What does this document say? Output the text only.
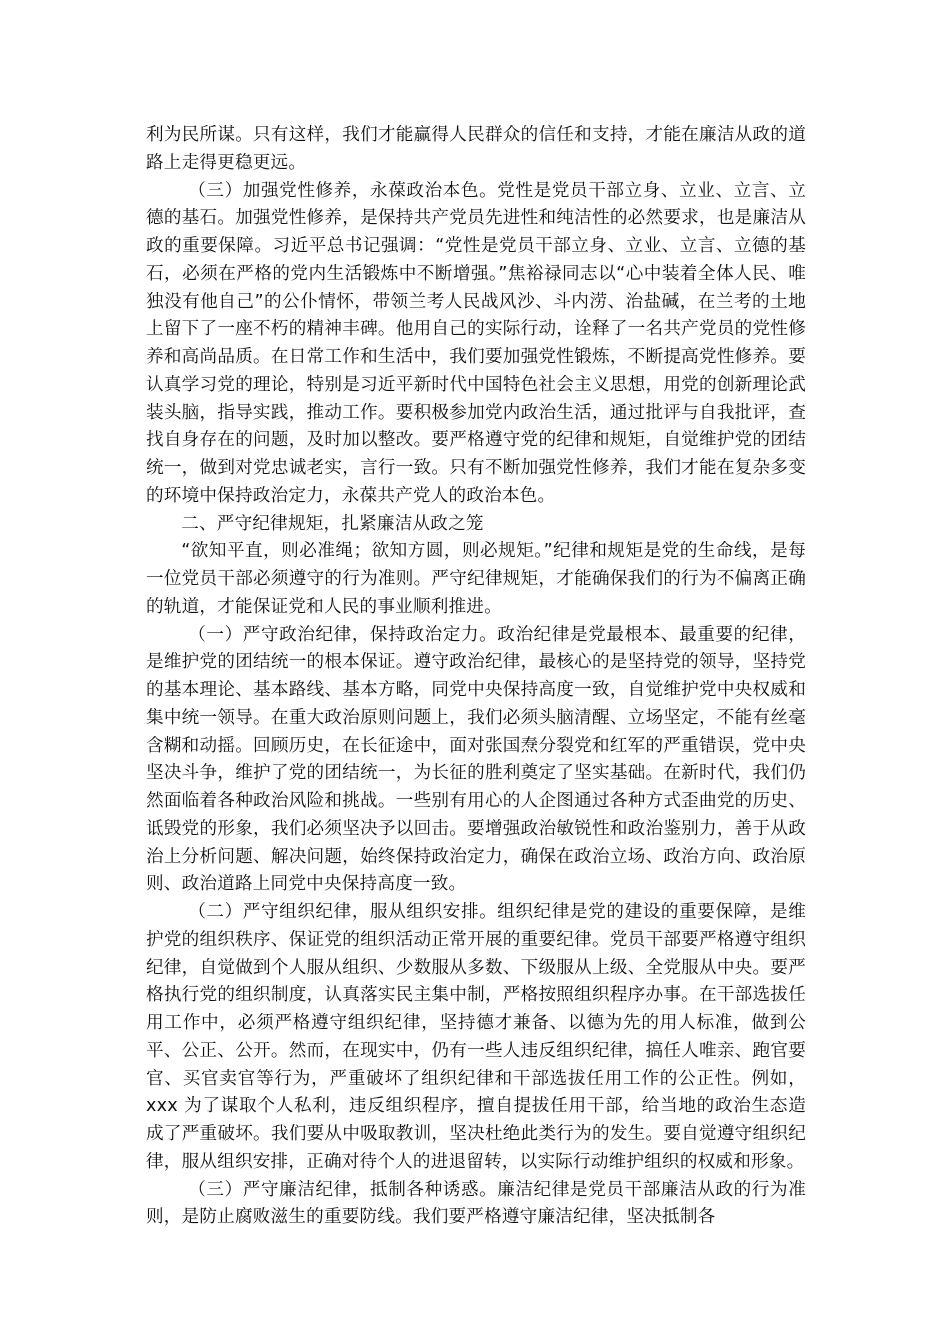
利为民所谋。只有这样，我们才能赢得人民群众的信任和支持，才能在廉洁从政的道路上走得更稳更远。

（三）加强党性修养，永葆政治本色。党性是党员干部立身、立业、立言、立德的基石。加强党性修养，是保持共产党员先进性和纯洁性的必然要求，也是廉洁从政的重要保障。习近平总书记强调：“党性是党员干部立身、立业、立言、立德的基石，必须在严格的党内生活锻炼中不断增强。”焦裕禄同志以“心中装着全体人民、唯独没有他自己”的公仆情怀，带领兰考人民战风沙、斗内涝、治盐碱，在兰考的土地上留下了一座不朽的精神丰碑。他用自己的实际行动，诠释了一名共产党员的党性修养和高尚品质。在日常工作和生活中，我们要加强党性锻炼，不断提高党性修养。要认真学习党的理论，特别是习近平新时代中国特色社会主义思想，用党的创新理论武装头脑，指导实践，推动工作。要积极参加党内政治生活，通过批评与自我批评，查找自身存在的问题，及时加以整改。要严格遵守党的纪律和规矩，自觉维护党的团结统一，做到对党忠诚老实，言行一致。只有不断加强党性修养，我们才能在复杂多变的环境中保持政治定力，永葆共产党人的政治本色。

二、严守纪律规矩，扎紧廉洁从政之笼

“欲知平直，则必准绳；欲知方圆，则必规矩。”纪律和规矩是党的生命线，是每一位党员干部必须遵守的行为准则。严守纪律规矩，才能确保我们的行为不偏离正确的轨道，才能保证党和人民的事业顺利推进。

（一）严守政治纪律，保持政治定力。政治纪律是党最根本、最重要的纪律，是维护党的团结统一的根本保证。遵守政治纪律，最核心的是坚持党的领导，坚持党的基本理论、基本路线、基本方略，同党中央保持高度一致，自觉维护党中央权威和集中统一领导。在重大政治原则问题上，我们必须头脑清醒、立场坚定，不能有丝毫含糊和动摇。回顾历史，在长征途中，面对张国焘分裂党和红军的严重错误，党中央坚决斗争，维护了党的团结统一，为长征的胜利奠定了坚实基础。在新时代，我们仍然面临着各种政治风险和挑战。一些别有用心的人企图通过各种方式歪曲党的历史、诋毁党的形象，我们必须坚决予以回击。要增强政治敏锐性和政治鉴别力，善于从政治上分析问题、解决问题，始终保持政治定力，确保在政治立场、政治方向、政治原则、政治道路上同党中央保持高度一致。

（二）严守组织纪律，服从组织安排。组织纪律是党的建设的重要保障，是维护党的组织秩序、保证党的组织活动正常开展的重要纪律。党员干部要严格遵守组织纪律，自觉做到个人服从组织、少数服从多数、下级服从上级、全党服从中央。要严格执行党的组织制度，认真落实民主集中制，严格按照组织程序办事。在干部选拔任用工作中，必须严格遵守组织纪律，坚持德才兼备、以德为先的用人标准，做到公平、公正、公开。然而，在现实中，仍有一些人违反组织纪律，搞任人唯亲、跑官要官、买官卖官等行为，严重破坏了组织纪律和干部选拔任用工作的公正性。例如，xxx 为了谋取个人私利，违反组织程序，擅自提拔任用干部，给当地的政治生态造成了严重破坏。我们要从中吸取教训，坚决杜绝此类行为的发生。要自觉遵守组织纪律，服从组织安排，正确对待个人的进退留转，以实际行动维护组织的权威和形象。

（三）严守廉洁纪律，抵制各种诱惑。廉洁纪律是党员干部廉洁从政的行为准则，是防止腐败滋生的重要防线。我们要严格遵守廉洁纪律，坚决抵制各
